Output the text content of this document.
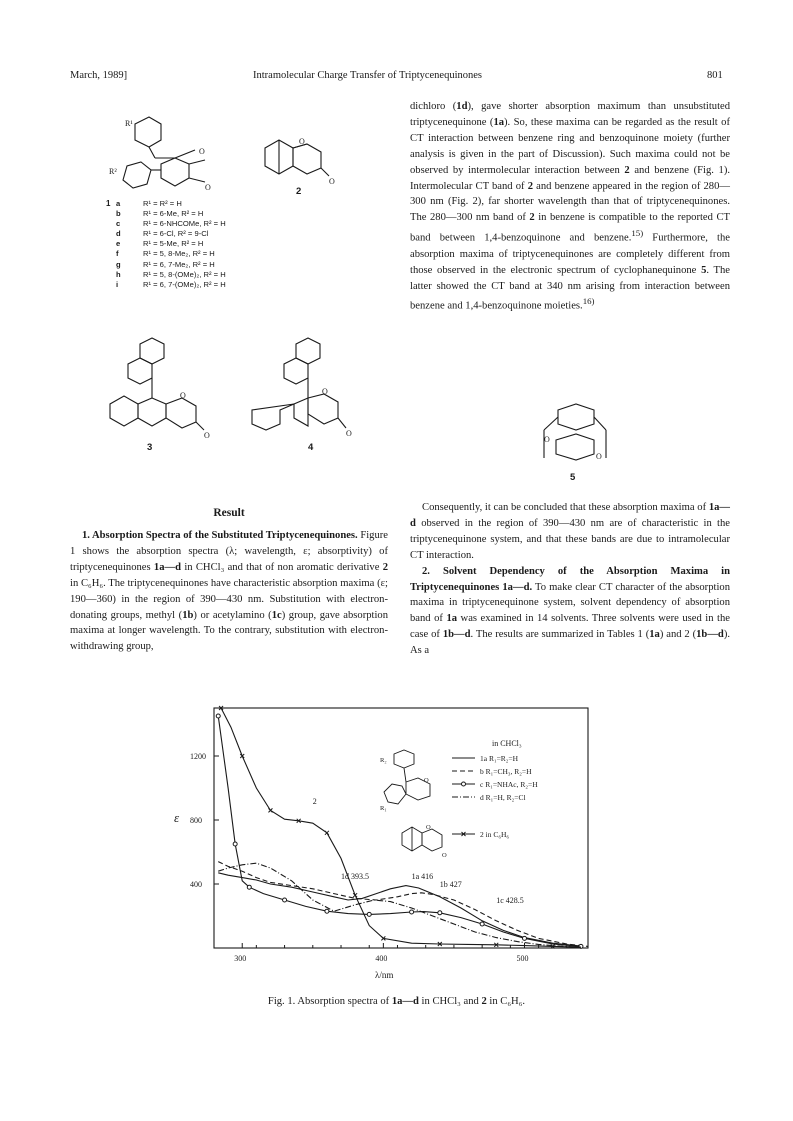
March, 1989]	Intramolecular Charge Transfer of Triptycenequinones	801
R¹
R²
O
O
a	R¹ = R² = H
b	R¹ = 6-Me, R² = H
c	R¹ = 6-NHCOMe, R² = H
d	R¹ = 6-Cl, R² = 9-Cl
e	R¹ = 5-Me, R² = H
f	R¹ = 5, 8-Me₂, R² = H
g	R¹ = 6, 7-Me₂, R² = H
h	R¹ = 5, 8-(OMe)₂, R² = H
i	R¹ = 6, 7-(OMe)₂, R² = H
1
O
O
2
O
O
3
O
O
4

dichloro (1d), gave shorter absorption maximum than unsubstituted triptycenequinone (1a). So, these maxima can be regarded as the result of CT interaction between benzene ring and benzoquinone moiety (further analysis is given in the part of Discussion). Such maxima could not be observed by intermolecular interaction between 2 and benzene (Fig. 1). Intermolecular CT band of 2 and benzene appeared in the region of 280—300 nm (Fig. 2), far shorter wavelength than that of triptycenequinones. The 280—300 nm band of 2 in benzene is compatible to the reported CT band between 1,4-benzoquinone and benzene.$^{15)}$ Furthermore, the absorption maxima of triptycenequinones are completely different from those observed in the electronic spectrum of cyclophanequinone 5. The latter showed the CT band at 340 nm arising from interaction between benzene and 1,4-benzoquinone moieties.$^{16)}$

O
O
5
Result

1. Absorption Spectra of the Substituted Triptycenequinones. Figure 1 shows the absorption spectra (λ; wavelength, ε; absorptivity) of triptycenequinones 1a—d in CHCl₃ and that of non aromatic derivative 2 in C₆H₆. The triptycenequinones have characteristic absorption maxima (ε; 190—360) in the region of 390—430 nm. Substitution with electron-donating groups, methyl (1b) or acetylamino (1c) group, gave absorption maxima at longer wavelength. To the contrary, substitution with electron-withdrawing group,

Consequently, it can be concluded that these absorption maxima of 1a—d observed in the region of 390—430 nm are of characteristic in the triptycenequinone system, and that these bands are due to intramolecular CT interaction.

2. Solvent Dependency of the Absorption Maxima in Triptycenequinones 1a—d. To make clear CT character of the absorption maxima in triptycenequinone system, solvent dependency of absorption band of 1a was examined in 14 solvents. Three solvents were used in the case of 1b—d. The results are summarized in Tables 1 (1a) and 2 (1b—d). As a

300	400	500
400
800
1200	1a R₁=R₂=H
b R₁=CH₃, R₂=H
c R₁=NHAc, R₂=H
d R₁=H, R₂=Cl
2 in C₆H₆
2
1d 393.5	1a 416
1b 427
1c 428.5
ε
λ/nm
in CHCl₃
R₂
R₁
O
O
O
Fig. 1. Absorption spectra of 1a—d in CHCl₃ and 2 in C₆H₆.
